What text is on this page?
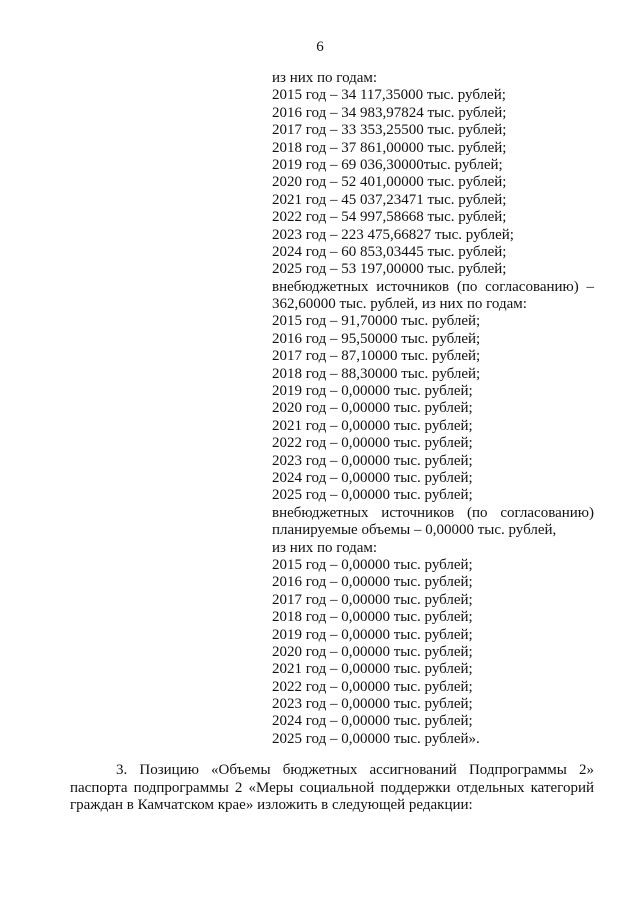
6
из них по годам:
2015 год – 34 117,35000 тыс. рублей;
2016 год – 34 983,97824 тыс. рублей;
2017 год – 33 353,25500 тыс. рублей;
2018 год – 37 861,00000 тыс. рублей;
2019 год – 69 036,30000тыс. рублей;
2020 год – 52 401,00000 тыс. рублей;
2021 год – 45 037,23471 тыс. рублей;
2022 год – 54 997,58668 тыс. рублей;
2023 год – 223 475,66827 тыс. рублей;
2024 год – 60 853,03445 тыс. рублей;
2025 год – 53 197,00000 тыс. рублей;
внебюджетных источников (по согласованию) –
362,60000 тыс. рублей, из них по годам:
2015 год – 91,70000 тыс. рублей;
2016 год – 95,50000 тыс. рублей;
2017 год – 87,10000 тыс. рублей;
2018 год – 88,30000 тыс. рублей;
2019 год – 0,00000 тыс. рублей;
2020 год – 0,00000 тыс. рублей;
2021 год – 0,00000 тыс. рублей;
2022 год – 0,00000 тыс. рублей;
2023 год – 0,00000 тыс. рублей;
2024 год – 0,00000 тыс. рублей;
2025 год – 0,00000 тыс. рублей;
внебюджетных источников (по согласованию)
планируемые объемы – 0,00000 тыс. рублей,
из них по годам:
2015 год – 0,00000 тыс. рублей;
2016 год – 0,00000 тыс. рублей;
2017 год – 0,00000 тыс. рублей;
2018 год – 0,00000 тыс. рублей;
2019 год – 0,00000 тыс. рублей;
2020 год – 0,00000 тыс. рублей;
2021 год – 0,00000 тыс. рублей;
2022 год – 0,00000 тыс. рублей;
2023 год – 0,00000 тыс. рублей;
2024 год – 0,00000 тыс. рублей;
2025 год – 0,00000 тыс. рублей».
3. Позицию «Объемы бюджетных ассигнований Подпрограммы 2»
паспорта подпрограммы 2 «Меры социальной поддержки отдельных категорий
граждан в Камчатском крае» изложить в следующей редакции:
